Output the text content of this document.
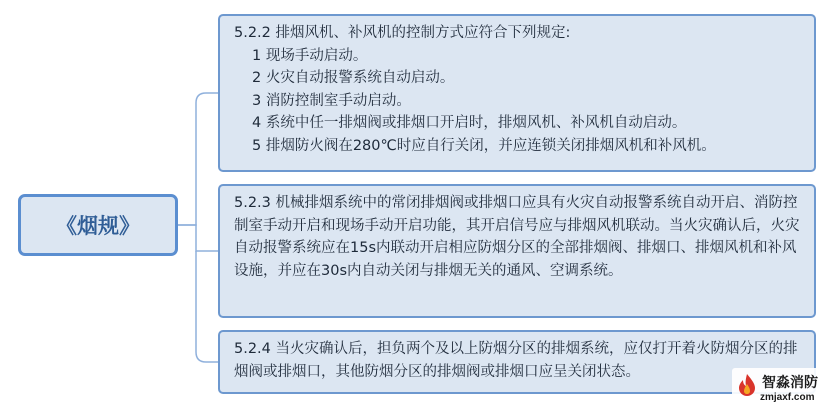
《烟规》
5.2.2 排烟风机、补风机的控制方式应符合下列规定:
1 现场手动启动。
2 火灾自动报警系统自动启动。
3 消防控制室手动启动。
4 系统中任一排烟阀或排烟口开启时，排烟风机、补风机自动启动。
5 排烟防火阀在280℃时应自行关闭，并应连锁关闭排烟风机和补风机。
5.2.3 机械排烟系统中的常闭排烟阀或排烟口应具有火灾自动报警系统自动开启、消防控制室手动开启和现场手动开启功能，其开启信号应与排烟风机联动。当火灾确认后，火灾自动报警系统应在15s内联动开启相应防烟分区的全部排烟阀、排烟口、排烟风机和补风设施，并应在30s内自动关闭与排烟无关的通风、空调系统。
5.2.4 当火灾确认后，担负两个及以上防烟分区的排烟系统，应仅打开着火防烟分区的排烟阀或排烟口，其他防烟分区的排烟阀或排烟口应呈关闭状态。
智淼消防
zmjaxf.com
